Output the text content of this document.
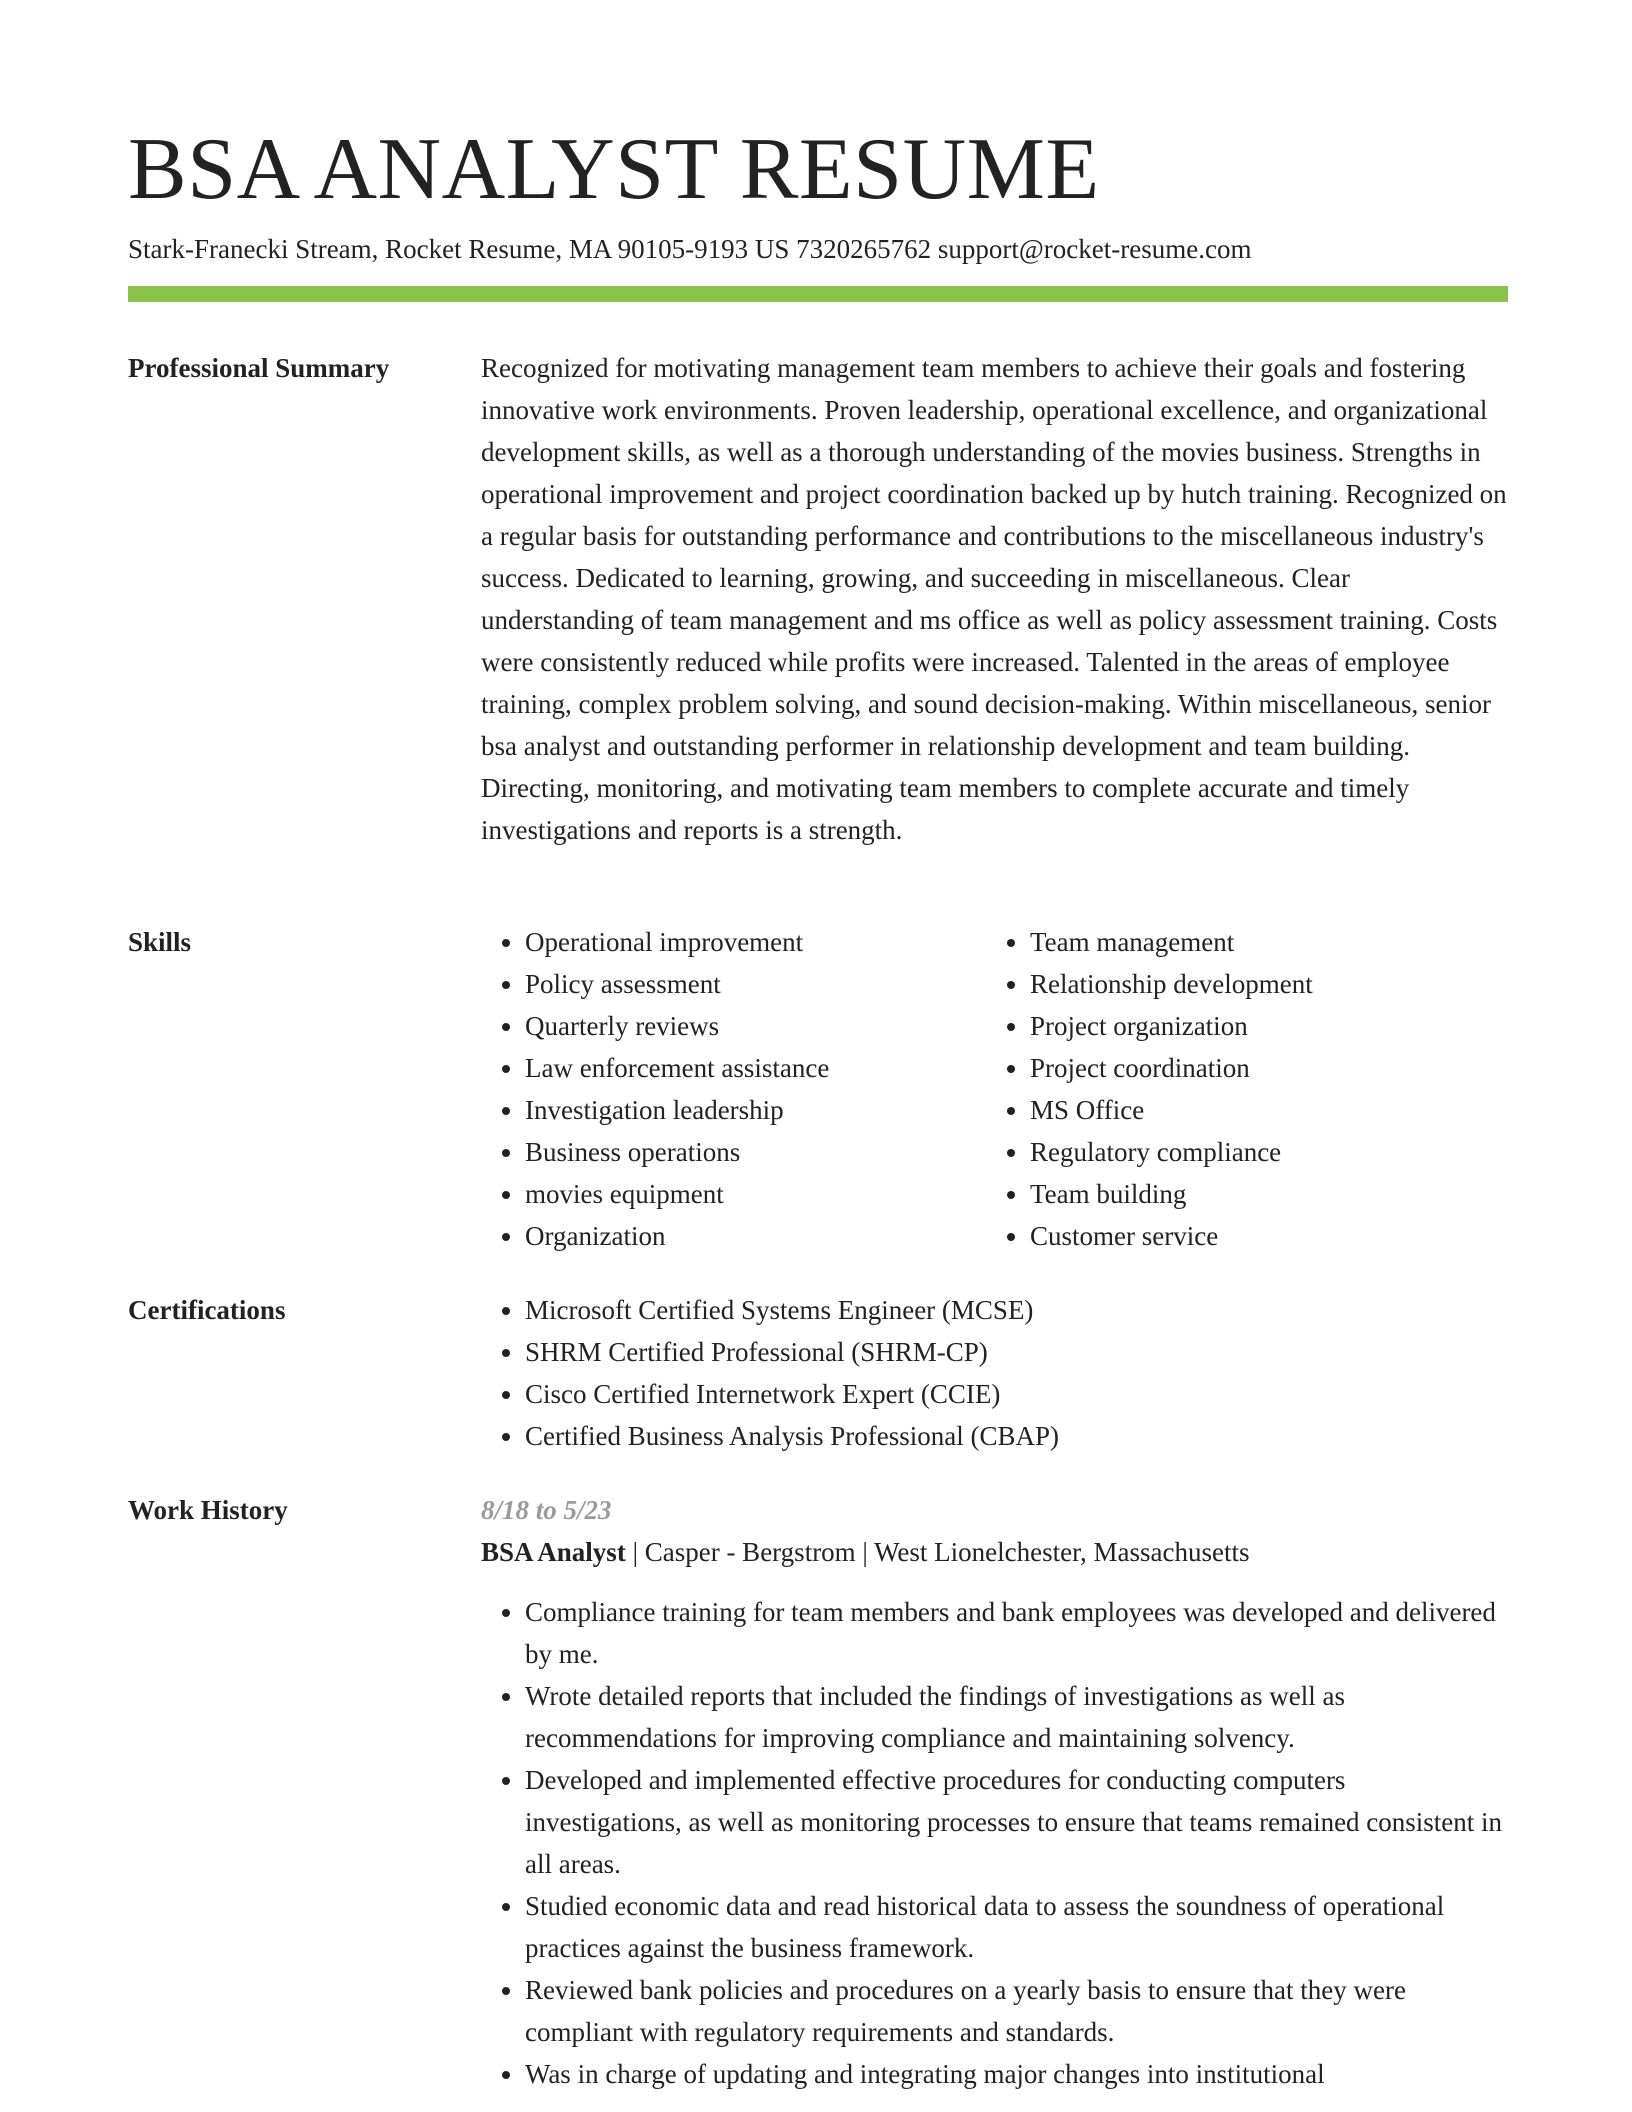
BSA ANALYST RESUME
Stark-Franecki Stream, Rocket Resume, MA 90105-9193 US 7320265762 support@rocket-resume.com
Professional Summary	Recognized for motivating management team members to achieve their goals and fostering innovative work environments. Proven leadership, operational excellence, and organizational development skills, as well as a thorough understanding of the movies business. Strengths in operational improvement and project coordination backed up by hutch training. Recognized on a regular basis for outstanding performance and contributions to the miscellaneous industry's success. Dedicated to learning, growing, and succeeding in miscellaneous. Clear understanding of team management and ms office as well as policy assessment training. Costs were consistently reduced while profits were increased. Talented in the areas of employee training, complex problem solving, and sound decision-making. Within miscellaneous, senior bsa analyst and outstanding performer in relationship development and team building. Directing, monitoring, and motivating team members to complete accurate and timely investigations and reports is a strength.

Skills	• Operational improvement
• Policy assessment
• Quarterly reviews
• Law enforcement assistance
• Investigation leadership
• Business operations
• movies equipment
• Organization
• Team management
• Relationship development
• Project organization
• Project coordination
• MS Office
• Regulatory compliance
• Team building
• Customer service
Certifications	• Microsoft Certified Systems Engineer (MCSE)
• SHRM Certified Professional (SHRM-CP)
• Cisco Certified Internetwork Expert (CCIE)
• Certified Business Analysis Professional (CBAP)
Work History	8/18 to 5/23
BSA Analyst | Casper - Bergstrom | West Lionelchester, Massachusetts
• Compliance training for team members and bank employees was developed and delivered by me.
• Wrote detailed reports that included the findings of investigations as well as recommendations for improving compliance and maintaining solvency.
• Developed and implemented effective procedures for conducting computers investigations, as well as monitoring processes to ensure that teams remained consistent in all areas.
• Studied economic data and read historical data to assess the soundness of operational practices against the business framework.
• Reviewed bank policies and procedures on a yearly basis to ensure that they were compliant with regulatory requirements and standards.
• Was in charge of updating and integrating major changes into institutional
